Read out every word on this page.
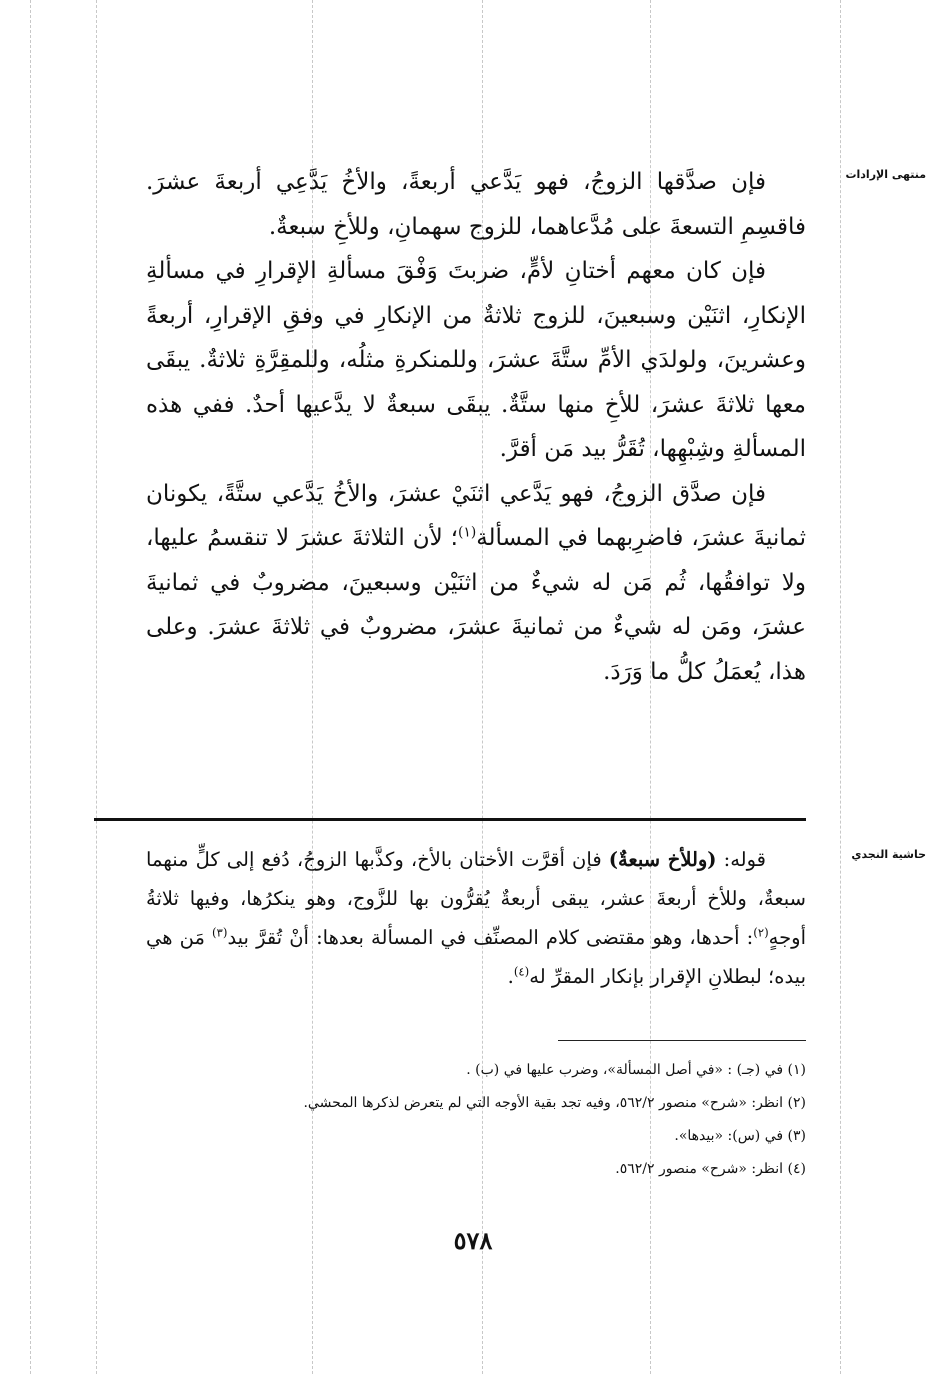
منتهى الإرادات
حاشية النجدي

فإن صدَّقها الزوجُ، فهو يَدَّعي أربعةً، والأخُ يَدَّعِي أربعةَ عشرَ. فاقسِمِ التسعةَ على مُدَّعاهما، للزوج سهمانِ، وللأخِ سبعةٌ.

فإن كان معهم أختانِ لأمٍّ، ضربتَ وَفْقَ مسألةِ الإقرارِ في مسألةِ الإنكارِ، اثنَيْن وسبعينَ، للزوج ثلاثةٌ من الإنكارِ في وفقِ الإقرارِ، أربعةً وعشرينَ، ولولدَي الأمِّ ستَّةَ عشرَ، وللمنكرةِ مثلُه، وللمقِرَّةِ ثلاثةٌ. يبقَى معها ثلاثةَ عشرَ، للأخِ منها ستَّةٌ. يبقَى سبعةٌ لا يدَّعيها أحدٌ. ففي هذه المسألةِ وشِبْهِها، تُقَرُّ بيد مَن أقرَّ.

فإن صدَّق الزوجُ، فهو يَدَّعي اثنَيْ عشرَ، والأخُ يَدَّعي ستَّةً، يكونان ثمانيةَ عشرَ، فاضرِبهما في المسألة$^{(١)}$؛ لأن الثلاثةَ عشرَ لا تنقسمُ عليها، ولا توافقُها، ثُم مَن له شيءٌ من اثنَيْن وسبعينَ، مضروبٌ في ثمانيةَ عشرَ، ومَن له شيءٌ من ثمانيةَ عشرَ، مضروبٌ في ثلاثةَ عشرَ. وعلى هذا، يُعمَلُ كلُّ ما وَرَدَ.

قوله: (وللأخ سبعةٌ) فإن أقرَّت الأختان بالأخ، وكذَّبها الزوجُ، دُفع إلى كلٍّ منهما سبعةٌ، وللأخ أربعةَ عشر، يبقى أربعةٌ يُقرُّون بها للزَّوج، وهو ينكرُها، وفيها ثلاثةُ أوجهٍ$^{(٢)}$: أحدها، وهو مقتضى كلام المصنِّف في المسألة بعدها: أنْ تُقرَّ بيد$^{(٣)}$ مَن هي بيده؛ لبطلانِ الإقرار بإنكار المقرِّ له$^{(٤)}$.

(١) في (جـ) : «في أصل المسألة»، وضرب عليها في (ب) .
(٢) انظر: «شرح» منصور ٥٦٢/٢، وفيه تجد بقية الأوجه التي لم يتعرض لذكرها المحشي.
(٣) في (س): «بيدها».
(٤) انظر: «شرح» منصور ٥٦٢/٢.
٥٧٨
